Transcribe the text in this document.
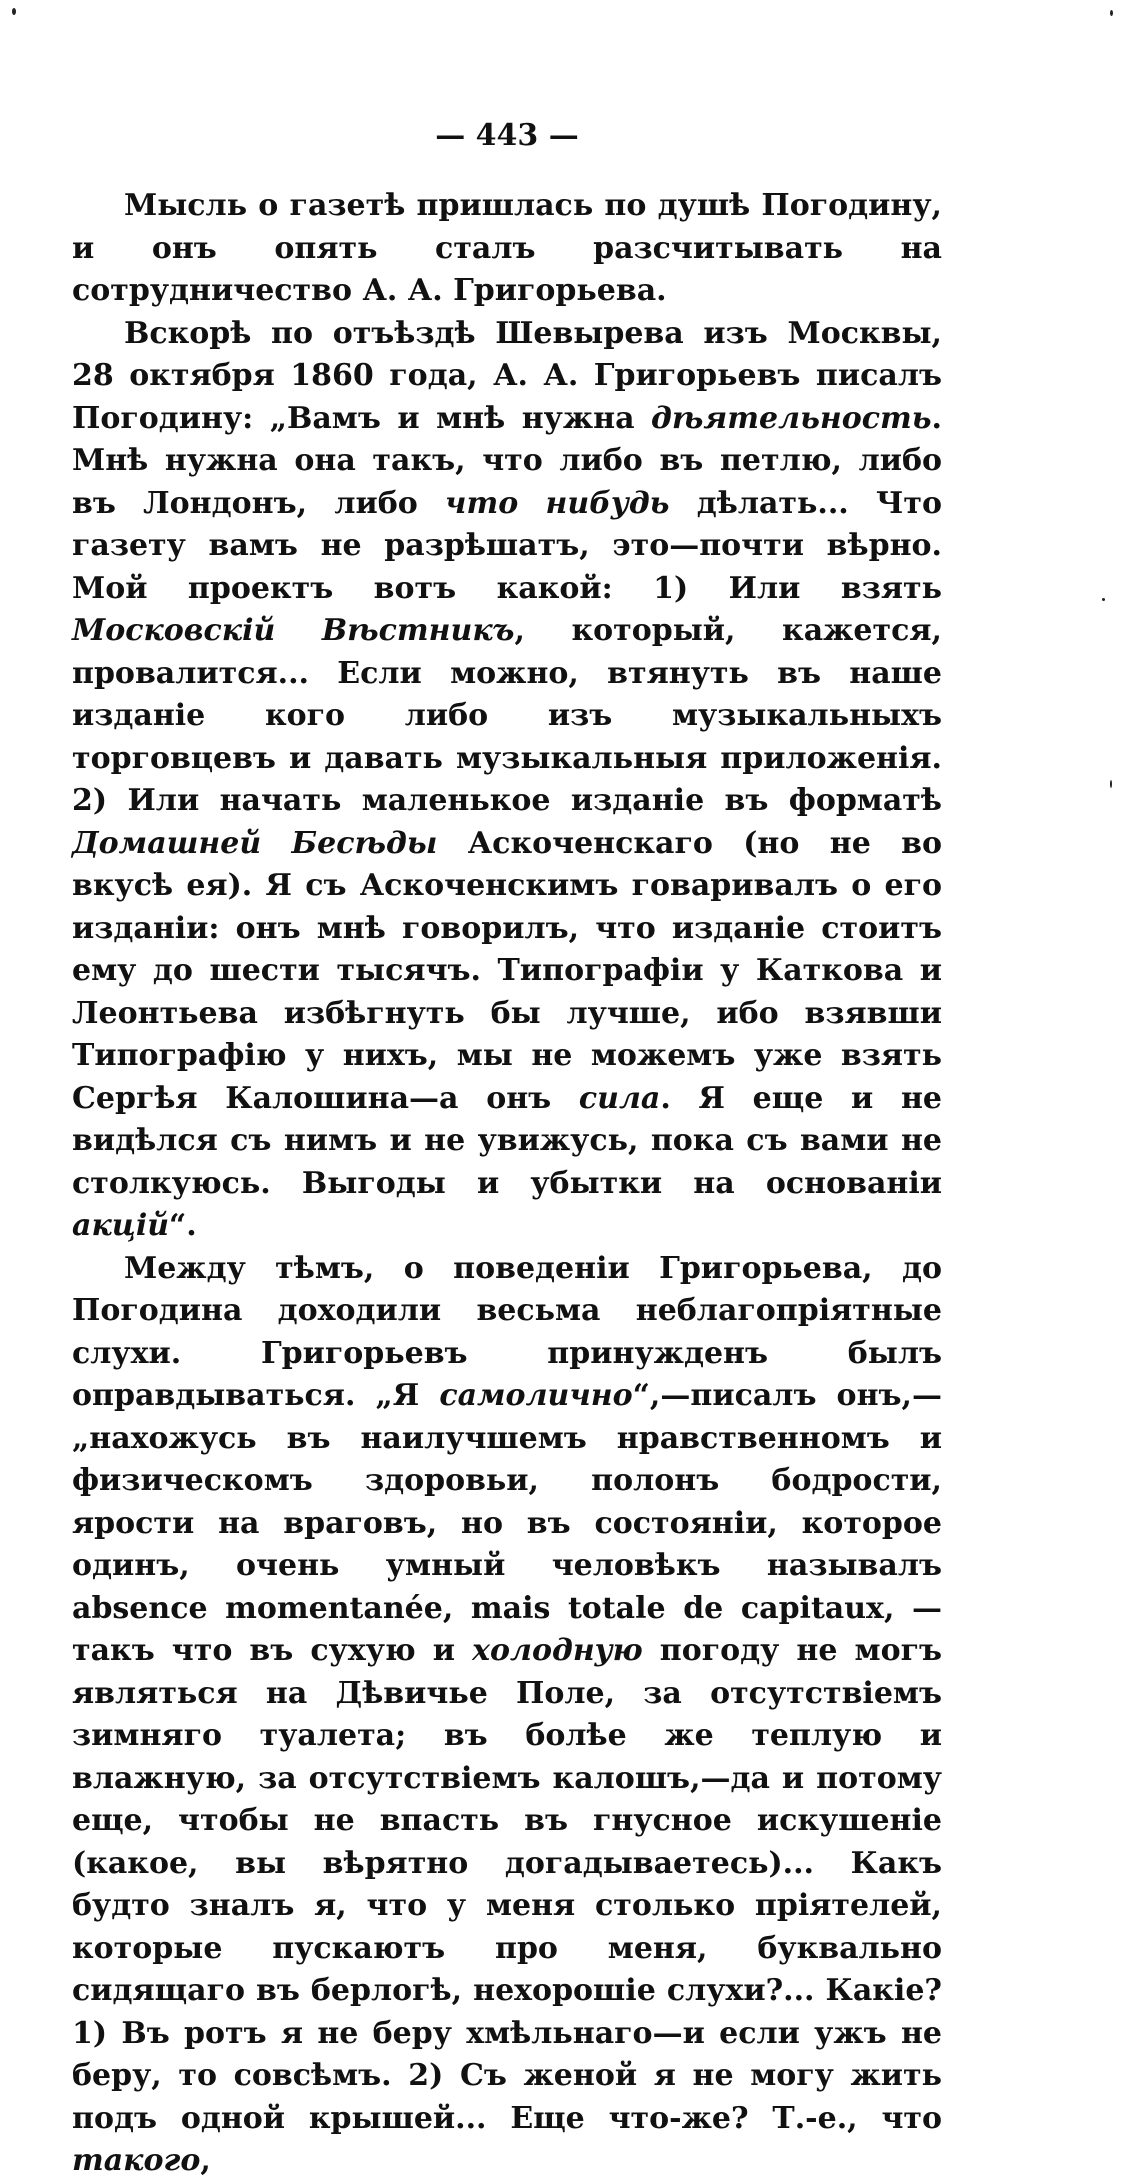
— 443 —

Мысль о газетѣ пришлась по душѣ Погодину, и онъ опять сталъ разсчитывать на сотрудничество А. А. Григорьева.

Вскорѣ по отъѣздѣ Шевырева изъ Москвы, 28 октября 1860 года, А. А. Григорьевъ писалъ Погодину: „Вамъ и мнѣ нужна дѣятельность. Мнѣ нужна она такъ, что либо въ петлю, либо въ Лондонъ, либо что нибудь дѣлать... Что газету вамъ не разрѣшатъ, это—почти вѣрно. Мой проектъ вотъ какой: 1) Или взять Московскій Вѣстникъ, который, кажется, провалится... Если можно, втянуть въ наше изданіе кого либо изъ музыкальныхъ торговцевъ и давать музыкальныя приложенія. 2) Или начать маленькое изданіе въ форматѣ Домашней Бесѣды Аскоченскаго (но не во вкусѣ ея). Я съ Аскоченскимъ говаривалъ о его изданіи: онъ мнѣ говорилъ, что изданіе стоитъ ему до шести тысячъ. Типографіи у Каткова и Леонтьева избѣгнуть бы лучше, ибо взявши Типографію у нихъ, мы не можемъ уже взять Сергѣя Калошина—а онъ сила. Я еще и не видѣлся съ нимъ и не увижусь, пока съ вами не столкуюсь. Выгоды и убытки на основаніи акцій“.

Между тѣмъ, о поведеніи Григорьева, до Погодина доходили весьма неблагопріятные слухи. Григорьевъ принужденъ былъ оправдываться. „Я самолично“,—писалъ онъ,—„нахожусь въ наилучшемъ нравственномъ и физическомъ здоровьи, полонъ бодрости, ярости на враговъ, но въ состояніи, которое одинъ, очень умный человѣкъ называлъ absence momentanée, mais totale de capitaux, — такъ что въ сухую и холодную погоду не могъ являться на Дѣвичье Поле, за отсутствіемъ зимняго туалета; въ болѣе же теплую и влажную, за отсутствіемъ калошъ,—да и потому еще, чтобы не впасть въ гнусное искушеніе (какое, вы вѣрятно догадываетесь)... Какъ будто зналъ я, что у меня столько пріятелей, которые пускаютъ про меня, буквально сидящаго въ берлогѣ, нехорошіе слухи?... Какіе? 1) Въ ротъ я не беру хмѣльнаго—и если ужъ не беру, то совсѣмъ. 2) Съ женой я не могу жить подъ одной крышей... Еще что-же? Т.-е., что такого,
